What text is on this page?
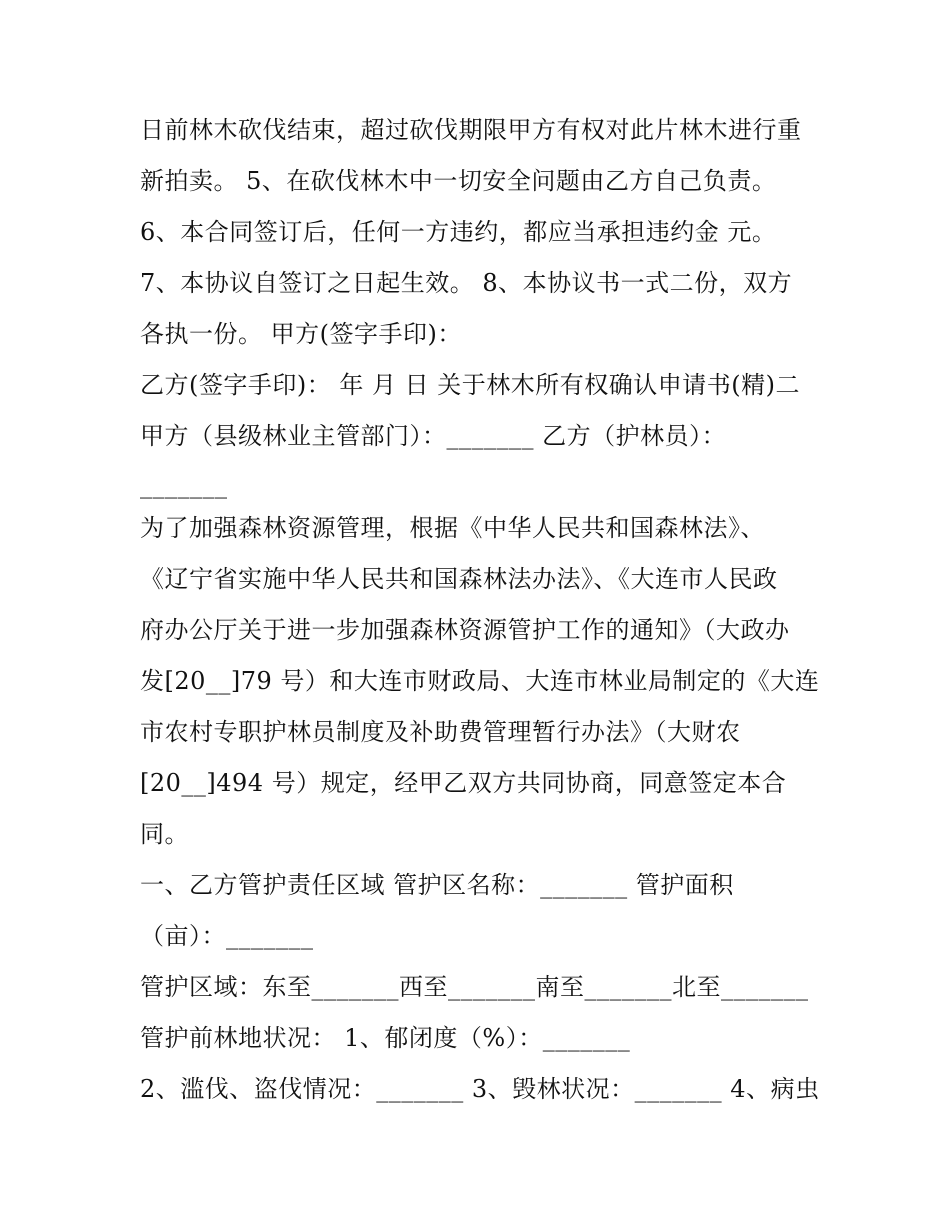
日前林木砍伐结束，超过砍伐期限甲方有权对此片林木进行重
新拍卖。 5、在砍伐林木中一切安全问题由乙方自己负责。
6、本合同签订后，任何一方违约，都应当承担违约金 元。
7、本协议自签订之日起生效。 8、本协议书一式二份，双方
各执一份。 甲方(签字手印)：
乙方(签字手印)： 年 月 日 关于林木所有权确认申请书(精)二
甲方（县级林业主管部门）：_______ 乙方（护林员）：
_______
为了加强森林资源管理，根据《中华人民共和国森林法》、
《辽宁省实施中华人民共和国森林法办法》、《大连市人民政
府办公厅关于进一步加强森林资源管护工作的通知》（大政办
发[20__]79 号）和大连市财政局、大连市林业局制定的《大连
市农村专职护林员制度及补助费管理暂行办法》（大财农
[20__]494 号）规定，经甲乙双方共同协商，同意签定本合
同。
一、乙方管护责任区域 管护区名称：_______ 管护面积
（亩）：_______
管护区域：东至_______西至_______南至_______北至_______
管护前林地状况： 1、郁闭度（%）：_______
2、滥伐、盗伐情况：_______ 3、毁林状况：_______ 4、病虫
